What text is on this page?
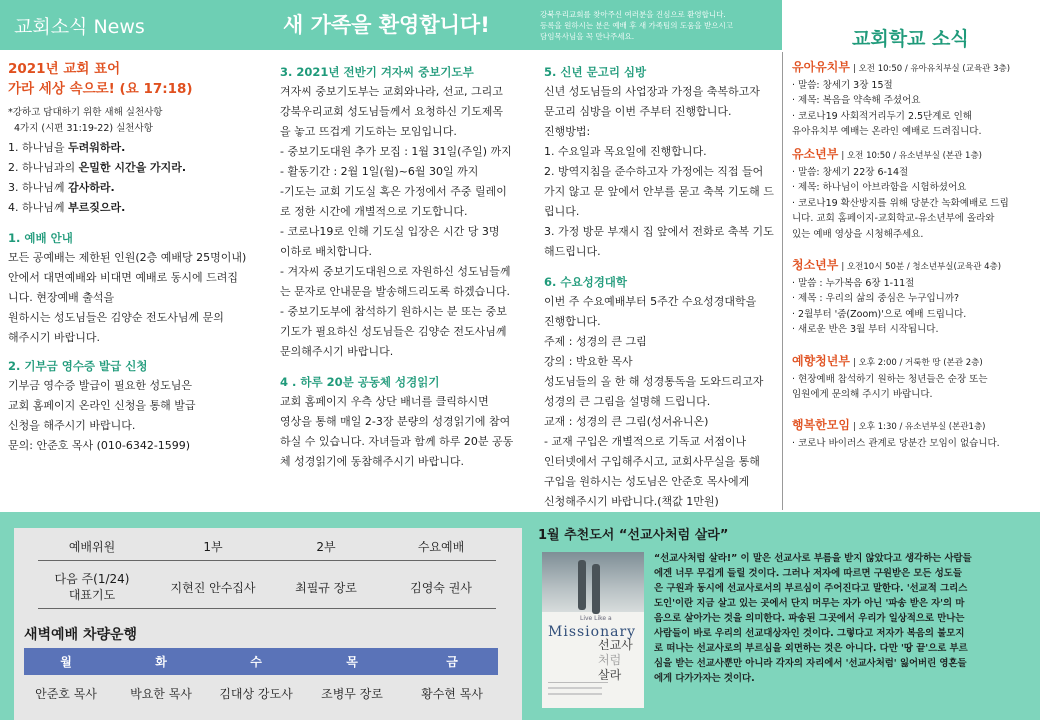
교회소식 News	새 가족을 환영합니다!	강북우리교회를 찾아주신 여러분을 진심으로 환영합니다.
등록을 원하시는 분은 예배 후 새 가족팀의 도움을 받으시고
담임목사님을 꼭 만나주세요.	교회학교 소식

2021년 교회 표어

가라 세상 속으로! (요 17:18)

*강하고 담대하기 위한 새해 실천사항

4가지 (시편 31:19-22) 실천사항

1. 하나님을 두려워하라.

2. 하나님과의 은밀한 시간을 가지라.

3. 하나님께 감사하라.

4. 하나님께 부르짖으라.

1. 예배 안내

모든 공예배는 제한된 인원(2층 예배당 25명이내)

안에서 대면예배와 비대면 예배로 동시에 드려집

니다. 현장예배 출석을

원하시는 성도님들은 김양순 전도사님께 문의

해주시기 바랍니다.

2. 기부금 영수증 발급 신청

기부금 영수증 발급이 필요한 성도님은

교회 홈페이지 온라인 신청을 통해 발급

신청을 해주시기 바랍니다.

문의: 안준호 목사 (010-6342-1599)

3. 2021년 전반기 겨자씨 중보기도부

겨자씨 중보기도부는 교회와나라, 선교, 그리고

강북우리교회 성도님들께서 요청하신 기도제목

을 놓고 뜨겁게 기도하는 모임입니다.

- 중보기도대원 추가 모집 : 1월 31일(주일) 까지

- 활동기간 : 2월 1일(월)~6월 30일 까지

-기도는 교회 기도실 혹은 가정에서 주중 릴레이

로 정한 시간에 개별적으로 기도합니다.

- 코로나19로 인해 기도실 입장은 시간 당 3명

이하로 배치합니다.

- 겨자씨 중보기도대원으로 자원하신 성도님들께

는 문자로 안내문을 발송해드리도록 하겠습니다.

- 중보기도부에 참석하기 원하시는 분 또는 중보

기도가 필요하신 성도님들은 김양순 전도사님께

문의해주시기 바랍니다.

4 . 하루 20분 공동체 성경읽기

교회 홈페이지 우측 상단 배너를 클릭하시면

영상을 통해 매일 2-3장 분량의 성경읽기에 참여

하실 수 있습니다. 자녀들과 함께 하루 20분 공동

체 성경읽기에 동참해주시기 바랍니다.

5. 신년 문고리 심방

신년 성도님들의 사업장과 가정을 축복하고자

문고리 심방을 이번 주부터 진행합니다.

진행방법:

1. 수요일과 목요일에 진행합니다.

2. 방역지침을 준수하고자 가정에는 직접 들어

가지 않고 문 앞에서 안부를 묻고 축복 기도해 드

립니다.

3. 가정 방문 부재시 집 앞에서 전화로 축복 기도

해드립니다.

6. 수요성경대학

이번 주 수요예배부터 5주간 수요성경대학을

진행합니다.

주제 : 성경의 큰 그림

강의 : 박요한 목사

성도님들의 올 한 해 성경통독을 도와드리고자

성경의 큰 그림을 설명해 드립니다.

교재 : 성경의 큰 그림(성서유니온)

- 교재 구입은 개별적으로 기독교 서점이나

인터넷에서 구입해주시고, 교회사무실을 통해

구입을 원하시는 성도님은 안준호 목사에게

신청해주시기 바랍니다.(책값 1만원)

유아유치부 | 오전 10:50 / 유아유치부실 (교육관 3층)

· 말씀: 창세기 3장 15절

· 제목: 복음을 약속해 주셨어요

· 코로나19 사회적거리두기 2.5단계로 인해

유아유치부 예배는 온라인 예배로 드려집니다.

유소년부 | 오전 10:50 / 유소년부실 (본관 1층)

· 말씀: 창세기 22장 6-14절

· 제목: 하나님이 아브라함을 시험하셨어요

· 코로나19 확산방지를 위해 당분간 녹화예배로 드립

니다. 교회 홈페이지-교회학교-유소년부에 올라와

있는 예배 영상을 시청해주세요.

청소년부 | 오전10시 50분 / 청소년부실(교육관 4층)

· 말씀 : 누가복음 6장 1-11절

· 제목 : 우리의 삶의 중심은 누구입니까?

· 2월부터 '줌(Zoom)'으로 예배 드립니다.

· 새로운 반은 3월 부터 시작됩니다.

예향청년부 | 오후 2:00 / 거룩한 땅 (본관 2층)

· 현장예배 참석하기 원하는 청년들은 순장 또는

임원에게 문의해 주시기 바랍니다.

행복한모임 | 오후 1:30 / 유소년부실 (본관1층)

· 코로나 바이러스 관계로 당분간 모임이 없습니다.

예배위원	1부	2부	수요예배
다음 주(1/24)
대표기도	지현진 안수집사	최필규 장로	김영숙 권사
새벽예배 차량운행
월	화	수	목	금
안준호 목사	박요한 목사 김대상 강도사 조병무 장로	황수현 목사
1월 추천도서 “선교사처럼 살라”
Live Like a
Missionary
선교사
처럼
살라

“선교사처럼 살라!” 이 말은 선교사로 부름을 받지 않았다고 생각하는 사람들

에겐 너무 무겁게 들릴 것이다. 그러나 저자에 따르면 구원받은 모든 성도들

은 구원과 동시에 선교사로서의 부르심이 주어진다고 말한다. '선교적 그리스

도인'이란 지금 살고 있는 곳에서 단지 머무는 자가 아닌 '파송 받은 자'의 마

음으로 살아가는 것을 의미한다. 파송된 그곳에서 우리가 일상적으로 만나는

사람들이 바로 우리의 선교대상자인 것이다. 그렇다고 저자가 복음의 불모지

로 떠나는 선교사로의 부르심을 외면하는 것은 아니다. 다만 '땅 끝'으로 부르

심을 받는 선교사뿐만 아니라 각자의 자리에서 '선교사처럼' 잃어버린 영혼들

에게 다가가자는 것이다.
